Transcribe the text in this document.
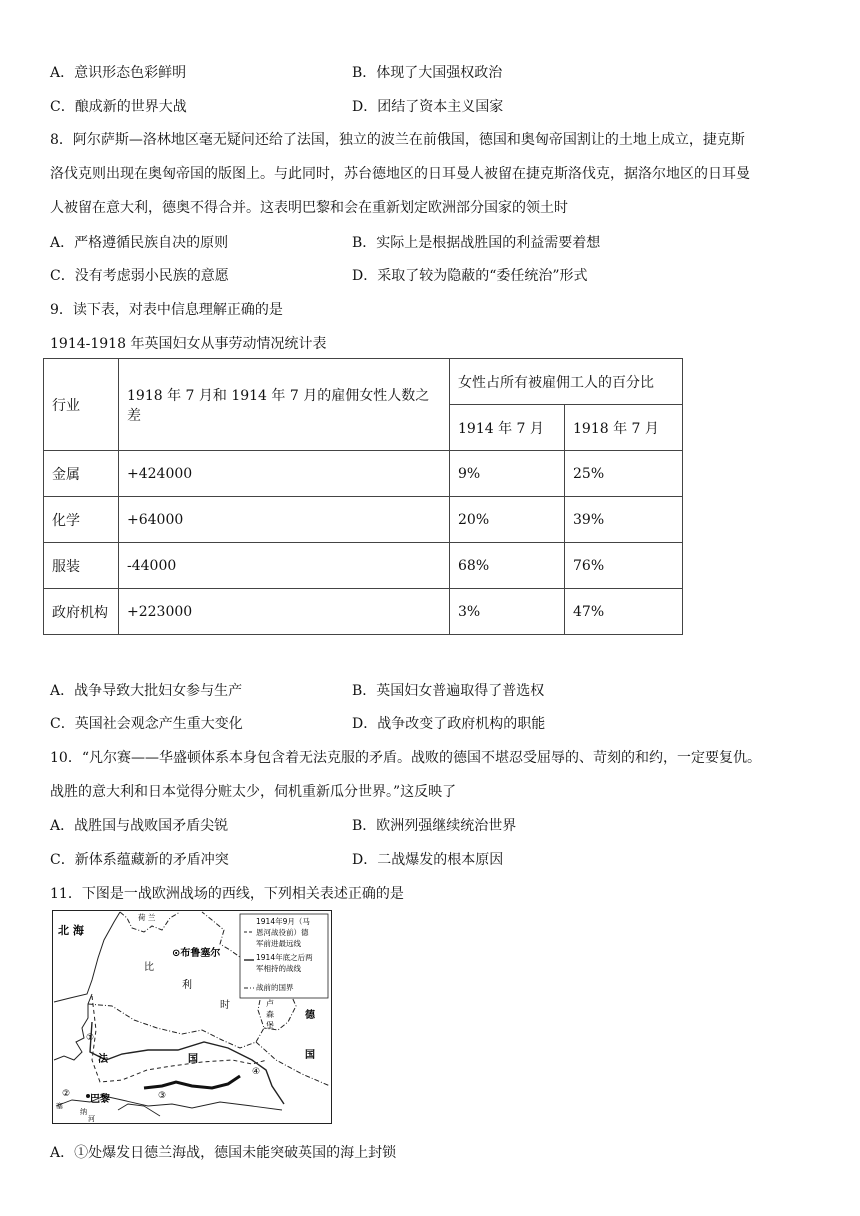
A．意识形态色彩鲜明	B．体现了大国强权政治
C．酿成新的世界大战	D．团结了资本主义国家
8．阿尔萨斯—洛林地区毫无疑问还给了法国，独立的波兰在前俄国，德国和奥匈帝国割让的土地上成立，捷克斯
洛伐克则出现在奥匈帝国的版图上。与此同时，苏台德地区的日耳曼人被留在捷克斯洛伐克，据洛尔地区的日耳曼
人被留在意大利，德奥不得合并。这表明巴黎和会在重新划定欧洲部分国家的领土时
A．严格遵循民族自决的原则	B．实际上是根据战胜国的利益需要着想
C．没有考虑弱小民族的意愿	D．采取了较为隐蔽的“委任统治”形式
9．读下表，对表中信息理解正确的是
1914-1918 年英国妇女从事劳动情况统计表
行业	1918 年 7 月和 1914 年 7 月的雇佣女性人数之差	女性占所有被雇佣工人的百分比	
		1914 年 7 月	1918 年 7 月
金属	+424000	9%	25%
化学	+64000	20%	39%
服装	-44000	68%	76%
政府机构	+223000	3%	47%
A．战争导致大批妇女参与生产	B．英国妇女普遍取得了普选权
C．英国社会观念产生重大变化	D．战争改变了政府机构的职能
10．“凡尔赛——华盛顿体系本身包含着无法克服的矛盾。战败的德国不堪忍受屈辱的、苛刻的和约，一定要复仇。
战胜的意大利和日本觉得分赃太少，伺机重新瓜分世界。”这反映了
A．战胜国与战败国矛盾尖锐	B．欧洲列强继续统治世界
C．新体系蕴藏新的矛盾冲突	D．二战爆发的根本原因
11．下图是一战欧洲战场的西线，下列相关表述正确的是
1914年9月（马
恩河战役前）德
军前进最远线
1914年底之后两
军相持的战线
战前的国界
北 海
荷 兰
⊙布鲁塞尔
比
利
时
德
国
卢
森
堡
法	国
巴黎
塞
纳
河
①
②	③
④
A．①处爆发日德兰海战，德国未能突破英国的海上封锁
